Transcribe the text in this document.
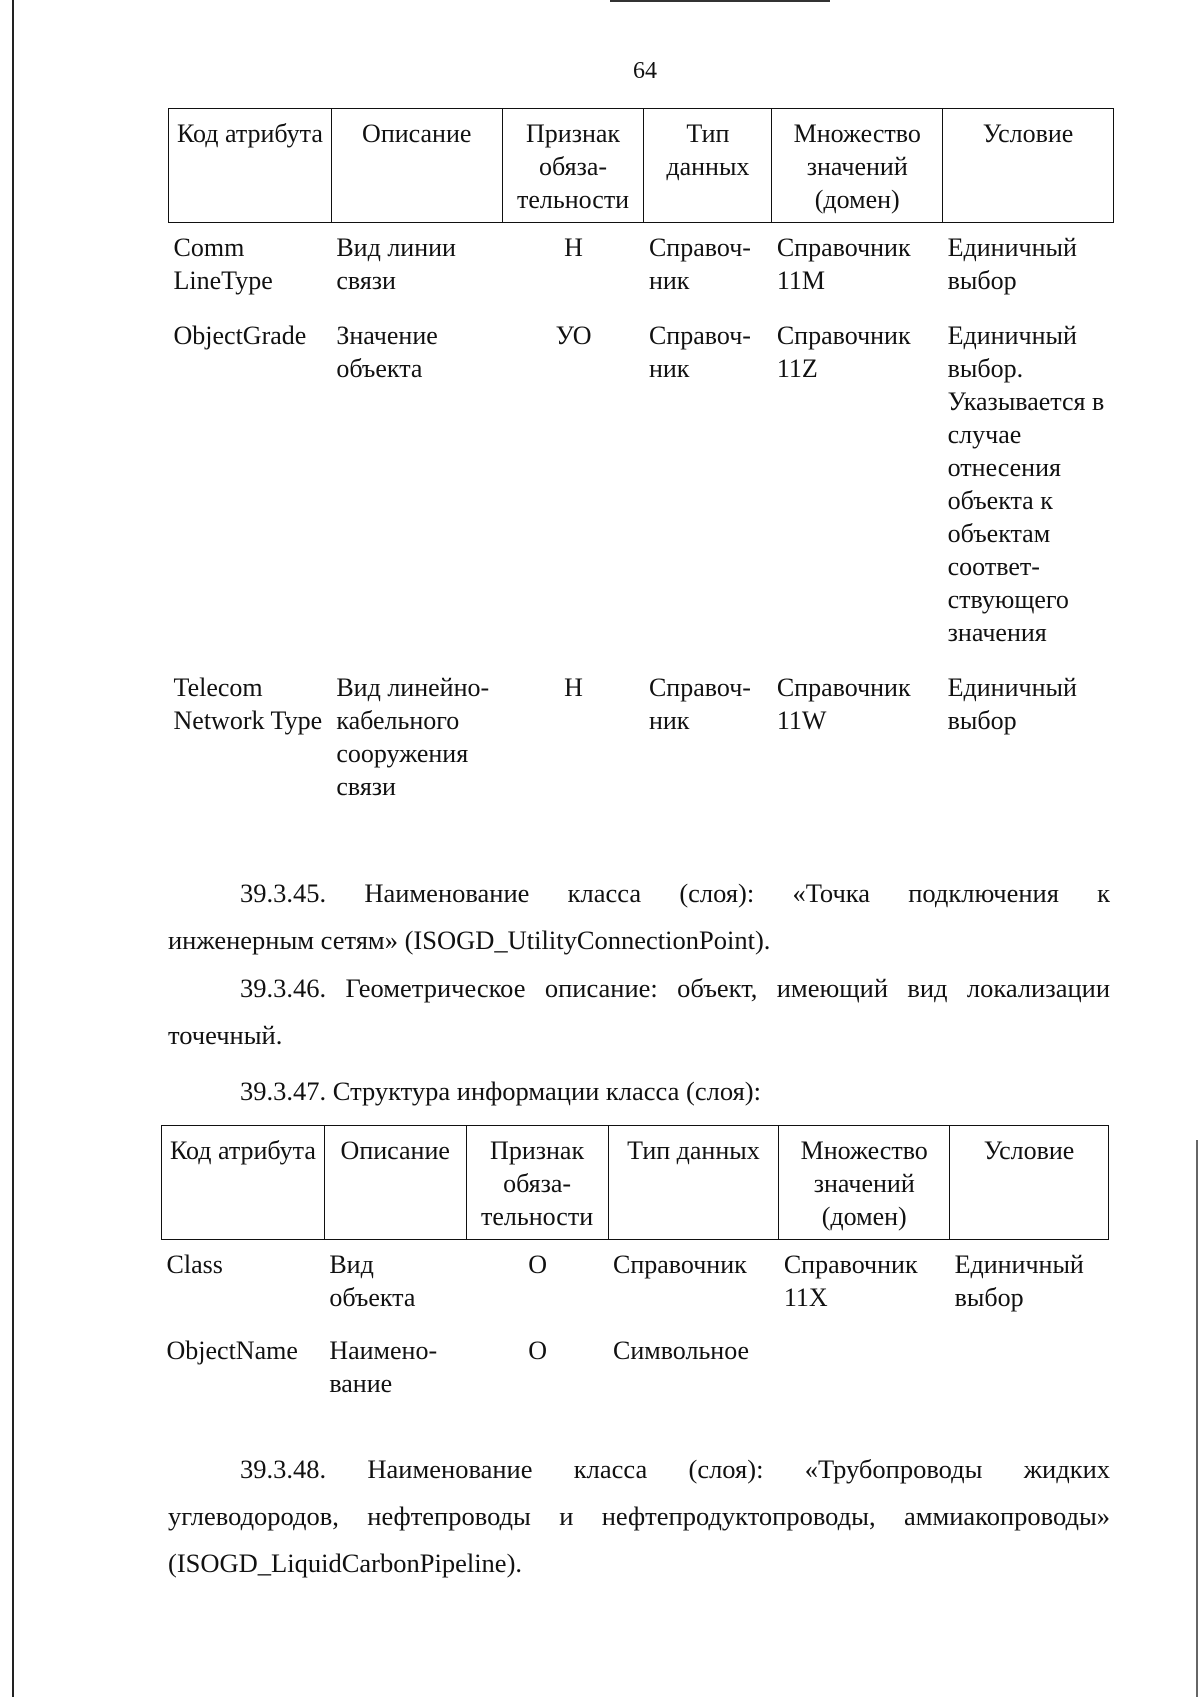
64
Код атрибута	Описание	Признак обяза-тельности	Тип данных	Множество значений (домен)	Условие
Comm LineType	Вид линии связи	Н	Справоч-ник	Справочник 11M	Единичный выбор
ObjectGrade	Значение объекта	УО	Справоч-ник	Справочник 11Z	Единичный выбор. Указывается в случае отнесения объекта к объектам соответ-ствующего значения
Telecom Network Type	Вид линейно-кабельного сооружения связи	Н	Справоч-ник	Справочник 11W	Единичный выбор
39.3.45. Наименование класса (слоя): «Точка подключения к
инженерным сетям» (ISOGD_UtilityConnectionPoint).
39.3.46. Геометрическое описание: объект, имеющий вид локализации
точечный.
39.3.47. Структура информации класса (слоя):
Код атрибута	Описание	Признак обяза-тельности	Тип данных	Множество значений (домен)	Условие
Class	Вид объекта	О	Справочник	Справочник 11X	Единичный выбор
ObjectName	Наимено-вание	О	Символьное		
39.3.48. Наименование класса (слоя): «Трубопроводы жидких
углеводородов, нефтепроводы и нефтепродуктопроводы, аммиакопроводы»
(ISOGD_LiquidCarbonPipeline).
